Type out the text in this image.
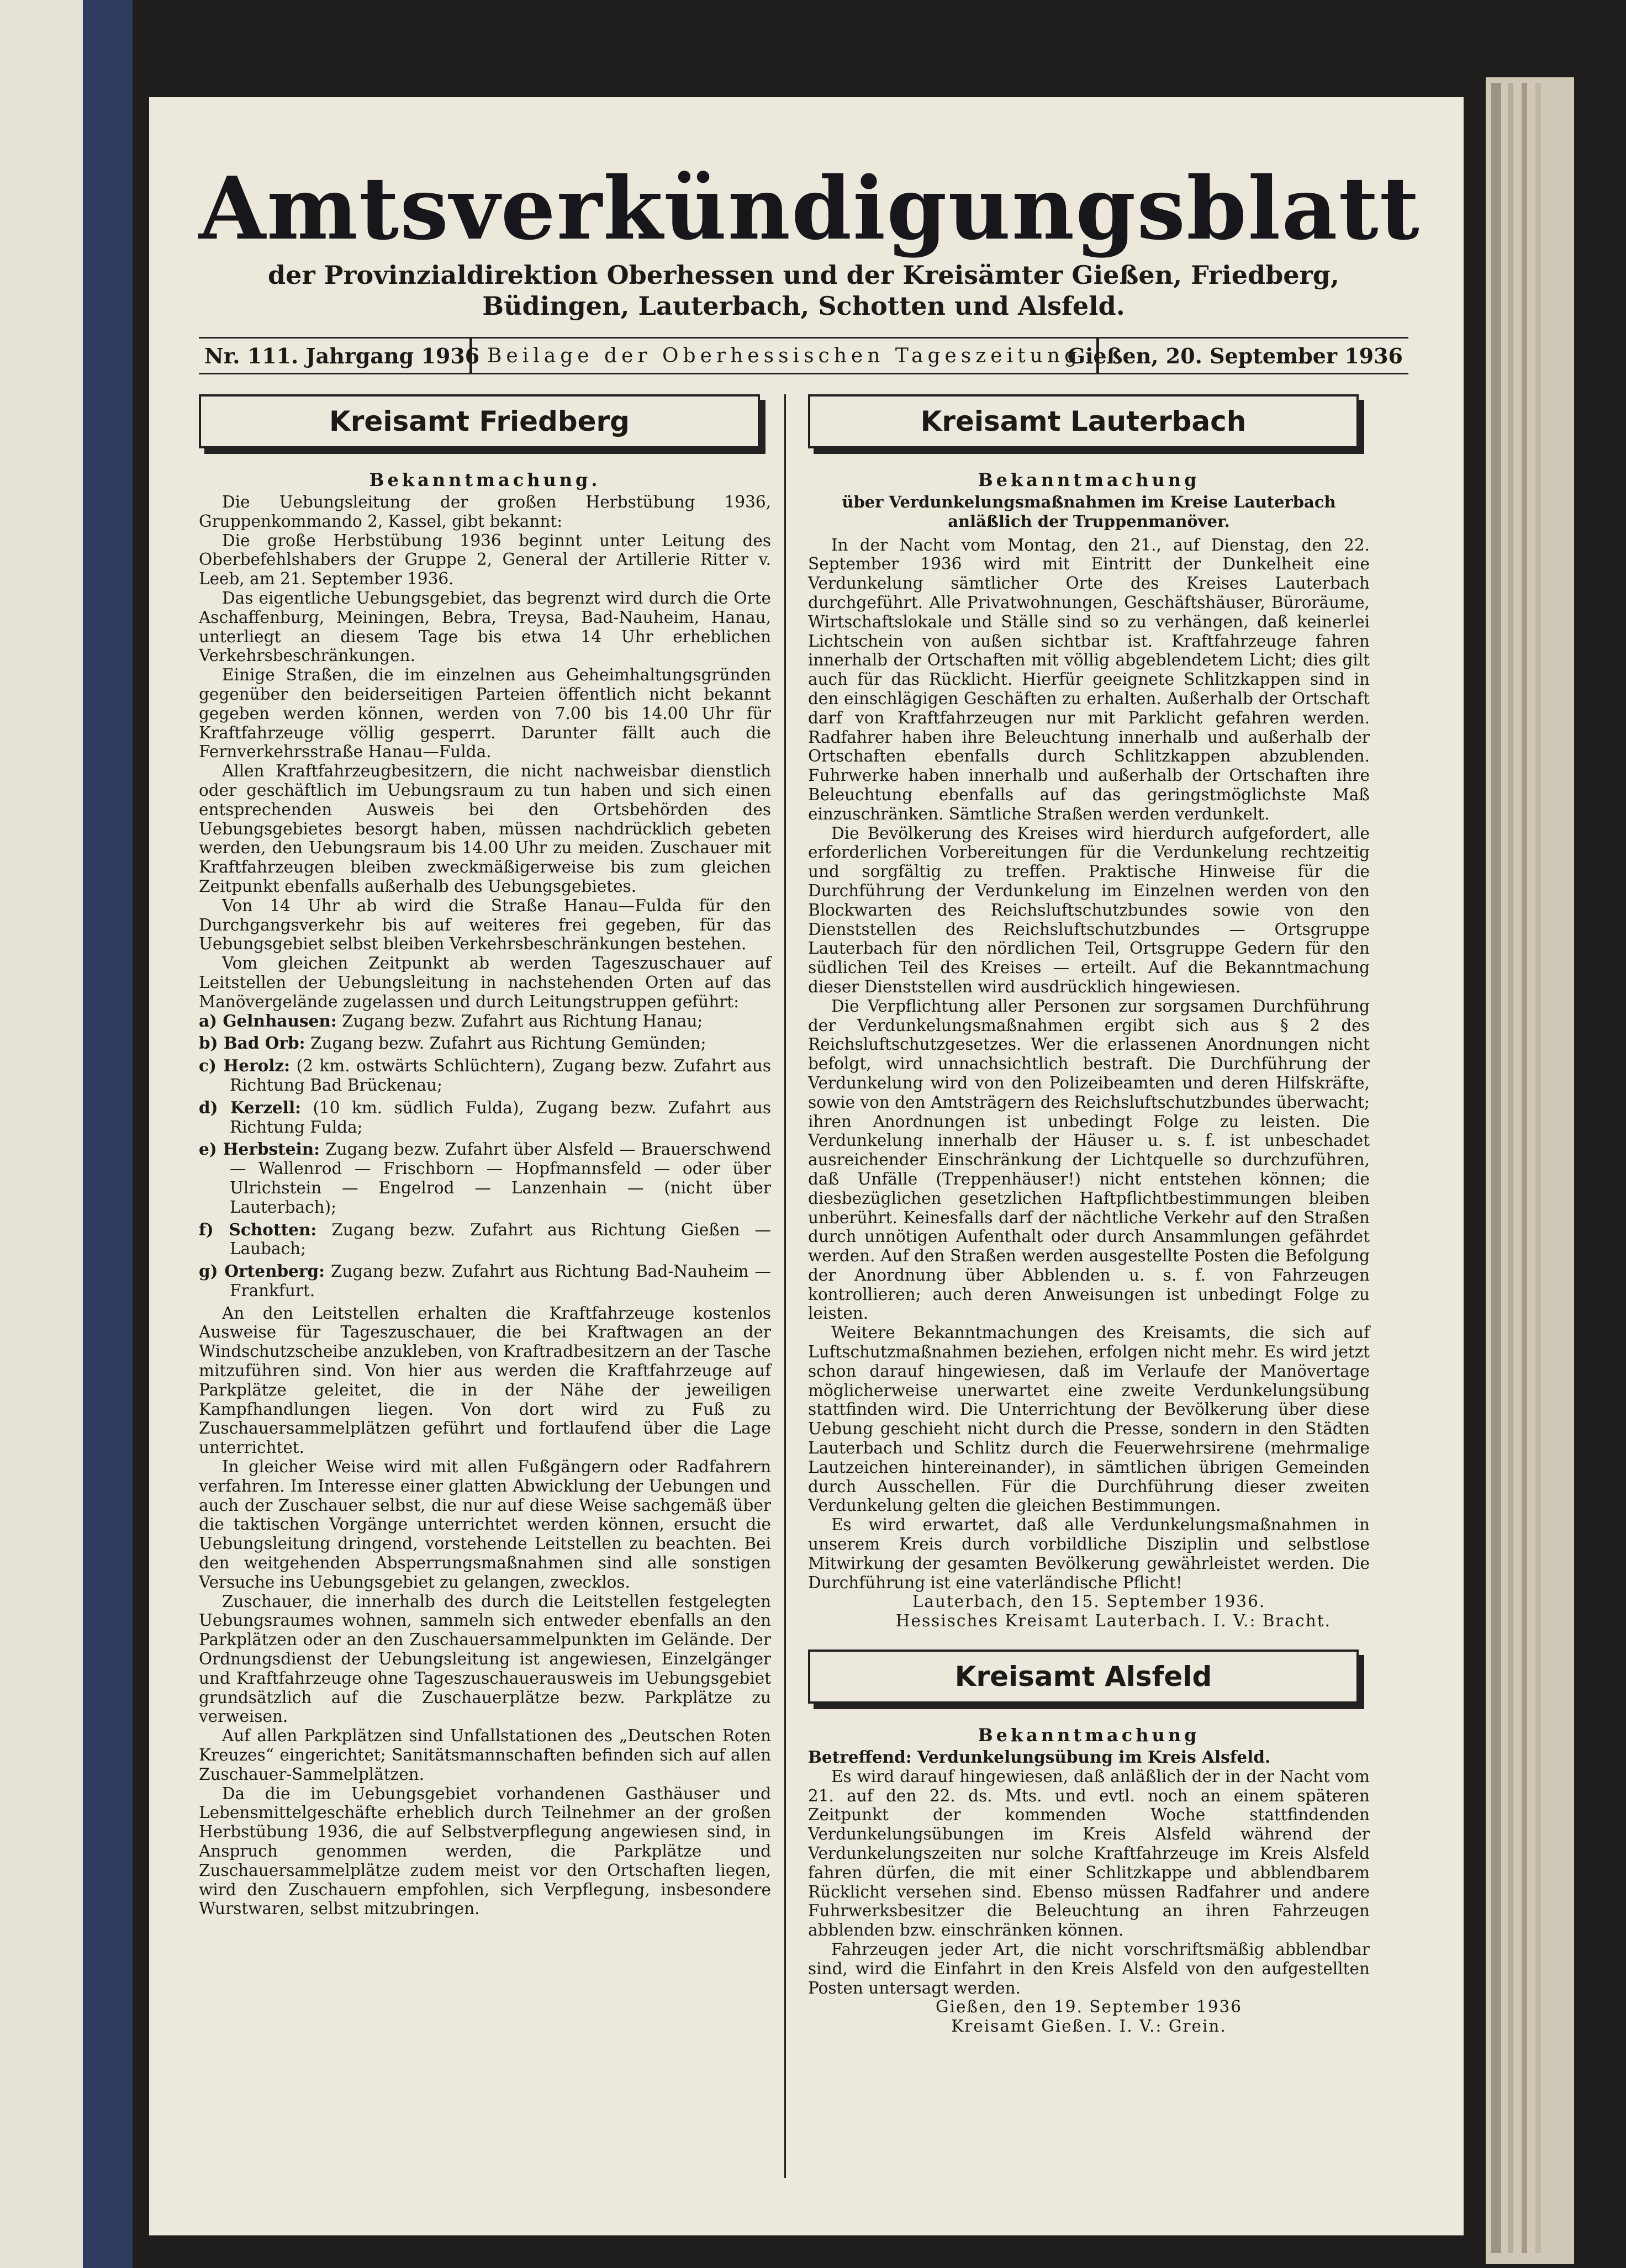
Amtsverkündigungsblatt
der Provinzialdirektion Oberhessen und der Kreisämter Gießen, Friedberg, Büdingen, Lauterbach, Schotten und Alsfeld.
Nr. 111. Jahrgang 1936 Beilage der Oberhessischen Tageszeitung
Gießen, 20. September 1936
Kreisamt Friedberg
Bekanntmachung.

Die Uebungsleitung der großen Herbstübung 1936, Gruppenkommando 2, Kassel, gibt bekannt:

Die große Herbstübung 1936 beginnt unter Leitung des Oberbefehlshabers der Gruppe 2, General der Artillerie Ritter v. Leeb, am 21. September 1936.

Das eigentliche Uebungsgebiet, das begrenzt wird durch die Orte Aschaffenburg, Meiningen, Bebra, Treysa, Bad-Nauheim, Hanau, unterliegt an diesem Tage bis etwa 14 Uhr erheblichen Verkehrsbeschränkungen.

Einige Straßen, die im einzelnen aus Geheimhaltungsgründen gegenüber den beiderseitigen Parteien öffentlich nicht bekannt gegeben werden können, werden von 7.00 bis 14.00 Uhr für Kraftfahrzeuge völlig gesperrt. Darunter fällt auch die Fernverkehrsstraße Hanau—Fulda.

Allen Kraftfahrzeugbesitzern, die nicht nachweisbar dienstlich oder geschäftlich im Uebungsraum zu tun haben und sich einen entsprechenden Ausweis bei den Ortsbehörden des Uebungsgebietes besorgt haben, müssen nachdrücklich gebeten werden, den Uebungsraum bis 14.00 Uhr zu meiden. Zuschauer mit Kraftfahrzeugen bleiben zweckmäßigerweise bis zum gleichen Zeitpunkt ebenfalls außerhalb des Uebungsgebietes.

Von 14 Uhr ab wird die Straße Hanau—Fulda für den Durchgangsverkehr bis auf weiteres frei gegeben, für das Uebungsgebiet selbst bleiben Verkehrsbeschränkungen bestehen.

Vom gleichen Zeitpunkt ab werden Tageszuschauer auf Leitstellen der Uebungsleitung in nachstehenden Orten auf das Manövergelände zugelassen und durch Leitungstruppen geführt:

a) Gelnhausen: Zugang bezw. Zufahrt aus Richtung Hanau;
b) Bad Orb: Zugang bezw. Zufahrt aus Richtung Gemünden;
c) Herolz: (2 km. ostwärts Schlüchtern), Zugang bezw. Zufahrt aus Richtung Bad Brückenau;
d) Kerzell: (10 km. südlich Fulda), Zugang bezw. Zufahrt aus Richtung Fulda;
e) Herbstein: Zugang bezw. Zufahrt über Alsfeld — Brauerschwend — Wallenrod — Frischborn — Hopfmannsfeld — oder über Ulrichstein — Engelrod — Lanzenhain — (nicht über Lauterbach);
f) Schotten: Zugang bezw. Zufahrt aus Richtung Gießen — Laubach;
g) Ortenberg: Zugang bezw. Zufahrt aus Richtung Bad-Nauheim — Frankfurt.

An den Leitstellen erhalten die Kraftfahrzeuge kostenlos Ausweise für Tageszuschauer, die bei Kraftwagen an der Windschutzscheibe anzukleben, von Kraftradbesitzern an der Tasche mitzuführen sind. Von hier aus werden die Kraftfahrzeuge auf Parkplätze geleitet, die in der Nähe der jeweiligen Kampfhandlungen liegen. Von dort wird zu Fuß zu Zuschauersammelplätzen geführt und fortlaufend über die Lage unterrichtet.

In gleicher Weise wird mit allen Fußgängern oder Radfahrern verfahren. Im Interesse einer glatten Abwicklung der Uebungen und auch der Zuschauer selbst, die nur auf diese Weise sachgemäß über die taktischen Vorgänge unterrichtet werden können, ersucht die Uebungsleitung dringend, vorstehende Leitstellen zu beachten. Bei den weitgehenden Absperrungsmaßnahmen sind alle sonstigen Versuche ins Uebungsgebiet zu gelangen, zwecklos.

Zuschauer, die innerhalb des durch die Leitstellen festgelegten Uebungsraumes wohnen, sammeln sich entweder ebenfalls an den Parkplätzen oder an den Zuschauersammelpunkten im Gelände. Der Ordnungsdienst der Uebungsleitung ist angewiesen, Einzelgänger und Kraftfahrzeuge ohne Tageszuschauerausweis im Uebungsgebiet grundsätzlich auf die Zuschauerplätze bezw. Parkplätze zu verweisen.

Auf allen Parkplätzen sind Unfallstationen des „Deutschen Roten Kreuzes“ eingerichtet; Sanitätsmannschaften befinden sich auf allen Zuschauer-Sammelplätzen.

Da die im Uebungsgebiet vorhandenen Gasthäuser und Lebensmittelgeschäfte erheblich durch Teilnehmer an der großen Herbstübung 1936, die auf Selbstverpflegung angewiesen sind, in Anspruch genommen werden, die Parkplätze und Zuschauersammelplätze zudem meist vor den Ortschaften liegen, wird den Zuschauern empfohlen, sich Verpflegung, insbesondere Wurstwaren, selbst mitzubringen.

Kreisamt Lauterbach
Bekanntmachung
über Verdunkelungsmaßnahmen im Kreise Lauterbach anläßlich der Truppenmanöver.

In der Nacht vom Montag, den 21., auf Dienstag, den 22. September 1936 wird mit Eintritt der Dunkelheit eine Verdunkelung sämtlicher Orte des Kreises Lauterbach durchgeführt. Alle Privatwohnungen, Geschäftshäuser, Büroräume, Wirtschaftslokale und Ställe sind so zu verhängen, daß keinerlei Lichtschein von außen sichtbar ist. Kraftfahrzeuge fahren innerhalb der Ortschaften mit völlig abgeblendetem Licht; dies gilt auch für das Rücklicht. Hierfür geeignete Schlitzkappen sind in den einschlägigen Geschäften zu erhalten. Außerhalb der Ortschaft darf von Kraftfahrzeugen nur mit Parklicht gefahren werden. Radfahrer haben ihre Beleuchtung innerhalb und außerhalb der Ortschaften ebenfalls durch Schlitzkappen abzublenden. Fuhrwerke haben innerhalb und außerhalb der Ortschaften ihre Beleuchtung ebenfalls auf das geringstmöglichste Maß einzuschränken. Sämtliche Straßen werden verdunkelt.

Die Bevölkerung des Kreises wird hierdurch aufgefordert, alle erforderlichen Vorbereitungen für die Verdunkelung rechtzeitig und sorgfältig zu treffen. Praktische Hinweise für die Durchführung der Verdunkelung im Einzelnen werden von den Blockwarten des Reichsluftschutzbundes sowie von den Dienststellen des Reichsluftschutzbundes — Ortsgruppe Lauterbach für den nördlichen Teil, Ortsgruppe Gedern für den südlichen Teil des Kreises — erteilt. Auf die Bekanntmachung dieser Dienststellen wird ausdrücklich hingewiesen.

Die Verpflichtung aller Personen zur sorgsamen Durchführung der Verdunkelungsmaßnahmen ergibt sich aus § 2 des Reichsluftschutzgesetzes. Wer die erlassenen Anordnungen nicht befolgt, wird unnachsichtlich bestraft. Die Durchführung der Verdunkelung wird von den Polizeibeamten und deren Hilfskräfte, sowie von den Amtsträgern des Reichsluftschutzbundes überwacht; ihren Anordnungen ist unbedingt Folge zu leisten. Die Verdunkelung innerhalb der Häuser u. s. f. ist unbeschadet ausreichender Einschränkung der Lichtquelle so durchzuführen, daß Unfälle (Treppenhäuser!) nicht entstehen können; die diesbezüglichen gesetzlichen Haftpflichtbestimmungen bleiben unberührt. Keinesfalls darf der nächtliche Verkehr auf den Straßen durch unnötigen Aufenthalt oder durch Ansammlungen gefährdet werden. Auf den Straßen werden ausgestellte Posten die Befolgung der Anordnung über Abblenden u. s. f. von Fahrzeugen kontrollieren; auch deren Anweisungen ist unbedingt Folge zu leisten.

Weitere Bekanntmachungen des Kreisamts, die sich auf Luftschutzmaßnahmen beziehen, erfolgen nicht mehr. Es wird jetzt schon darauf hingewiesen, daß im Verlaufe der Manövertage möglicherweise unerwartet eine zweite Verdunkelungsübung stattfinden wird. Die Unterrichtung der Bevölkerung über diese Uebung geschieht nicht durch die Presse, sondern in den Städten Lauterbach und Schlitz durch die Feuerwehrsirene (mehrmalige Lautzeichen hintereinander), in sämtlichen übrigen Gemeinden durch Ausschellen. Für die Durchführung dieser zweiten Verdunkelung gelten die gleichen Bestimmungen.

Es wird erwartet, daß alle Verdunkelungsmaßnahmen in unserem Kreis durch vorbildliche Disziplin und selbstlose Mitwirkung der gesamten Bevölkerung gewährleistet werden. Die Durchführung ist eine vaterländische Pflicht!

Lauterbach, den 15. September 1936.
Hessisches Kreisamt Lauterbach. I. V.: Bracht.
Kreisamt Alsfeld
Bekanntmachung

Betreffend: Verdunkelungsübung im Kreis Alsfeld.

Es wird darauf hingewiesen, daß anläßlich der in der Nacht vom 21. auf den 22. ds. Mts. und evtl. noch an einem späteren Zeitpunkt der kommenden Woche stattfindenden Verdunkelungsübungen im Kreis Alsfeld während der Verdunkelungszeiten nur solche Kraftfahrzeuge im Kreis Alsfeld fahren dürfen, die mit einer Schlitzkappe und abblendbarem Rücklicht versehen sind. Ebenso müssen Radfahrer und andere Fuhrwerksbesitzer die Beleuchtung an ihren Fahrzeugen abblenden bzw. einschränken können.

Fahrzeugen jeder Art, die nicht vorschriftsmäßig abblendbar sind, wird die Einfahrt in den Kreis Alsfeld von den aufgestellten Posten untersagt werden.

Gießen, den 19. September 1936
Kreisamt Gießen. I. V.: Grein.
